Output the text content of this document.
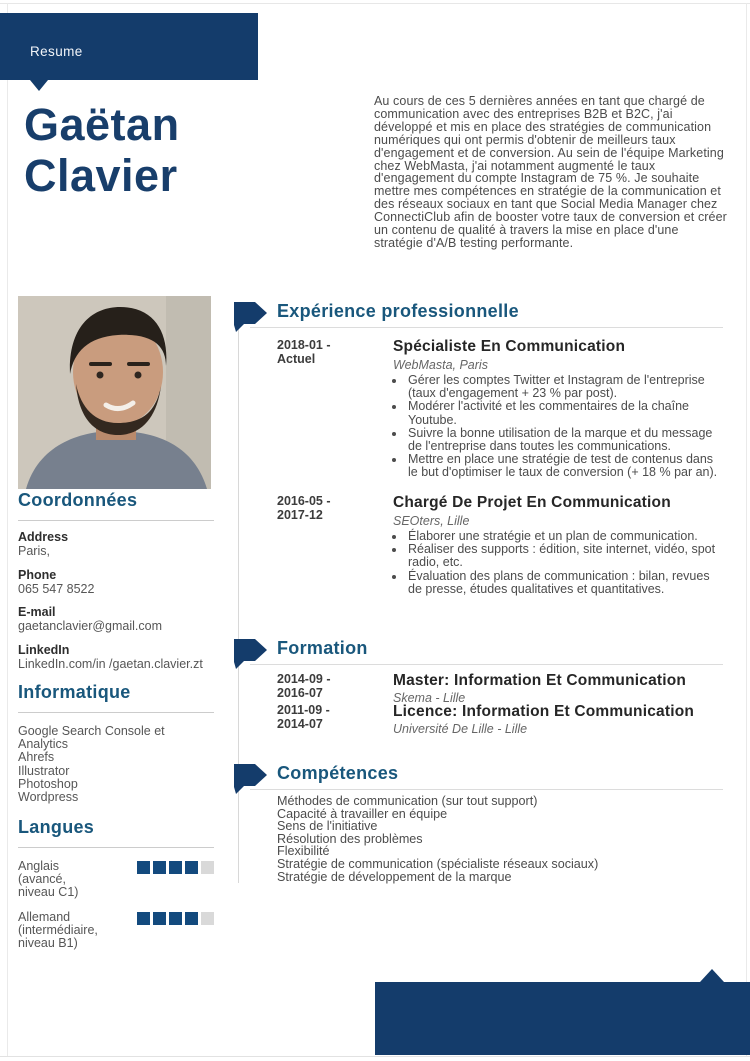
Resume
Gaëtan
Clavier
Au cours de ces 5 dernières années en tant que chargé de communication avec des entreprises B2B et B2C, j'ai développé et mis en place des stratégies de communication numériques qui ont permis d'obtenir de meilleurs taux d'engagement et de conversion. Au sein de l'équipe Marketing chez WebMasta, j'ai notamment augmenté le taux d'engagement du compte Instagram de 75 %. Je souhaite mettre mes compétences en stratégie de la communication et des réseaux sociaux en tant que Social Media Manager chez ConnectiClub afin de booster votre taux de conversion et créer un contenu de qualité à travers la mise en place d'une stratégie d'A/B testing performante.
Coordonnées
Address
Paris,
Phone
065 547 8522
E-mail
gaetanclavier@gmail.com
LinkedIn
LinkedIn.com/in /gaetan.clavier.zt
Informatique
Google Search Console et Analytics
Ahrefs
Illustrator
Photoshop
Wordpress
Langues
Anglais (avancé, niveau C1)
Allemand (intermédiaire, niveau B1)
Expérience professionnelle
2018-01 -
Actuel
Spécialiste En Communication
WebMasta, Paris
• Gérer les comptes Twitter et Instagram de l'entreprise (taux d'engagement + 23 % par post).
• Modérer l'activité et les commentaires de la chaîne Youtube.
• Suivre la bonne utilisation de la marque et du message de l'entreprise dans toutes les communications.
• Mettre en place une stratégie de test de contenus dans le but d'optimiser le taux de conversion (+ 18 % par an).
2016-05 -
2017-12
Chargé De Projet En Communication
SEOters, Lille
• Élaborer une stratégie et un plan de communication.
• Réaliser des supports : édition, site internet, vidéo, spot radio, etc.
• Évaluation des plans de communication : bilan, revues de presse, études qualitatives et quantitatives.
Formation
2014-09 -
2016-07
Master: Information Et Communication
Skema - Lille
2011-09 -
2014-07
Licence: Information Et Communication
Université De Lille - Lille
Compétences
Méthodes de communication (sur tout support)
Capacité à travailler en équipe
Sens de l'initiative
Résolution des problèmes
Flexibilité
Stratégie de communication (spécialiste réseaux sociaux)
Stratégie de développement de la marque
